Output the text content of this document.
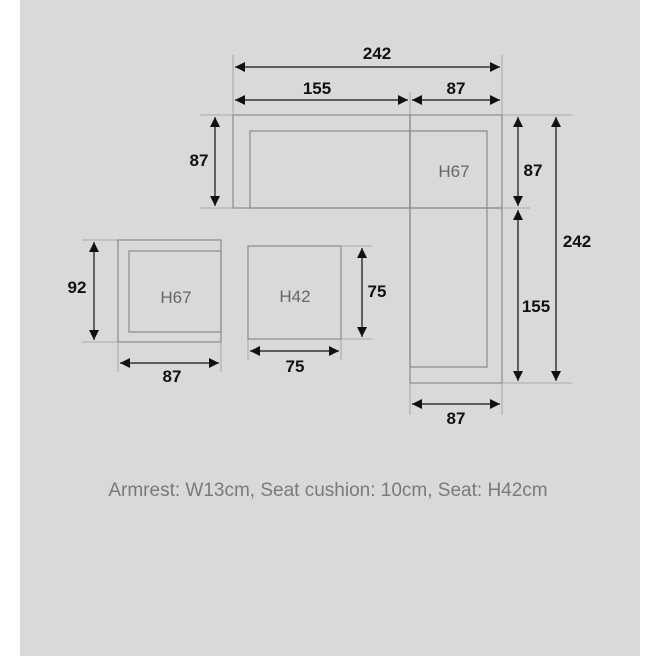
H67
H67	H42
242
155	87
87
87
155
242
87
92
87
75
75
Armrest: W13cm, Seat cushion: 10cm, Seat: H42cm
